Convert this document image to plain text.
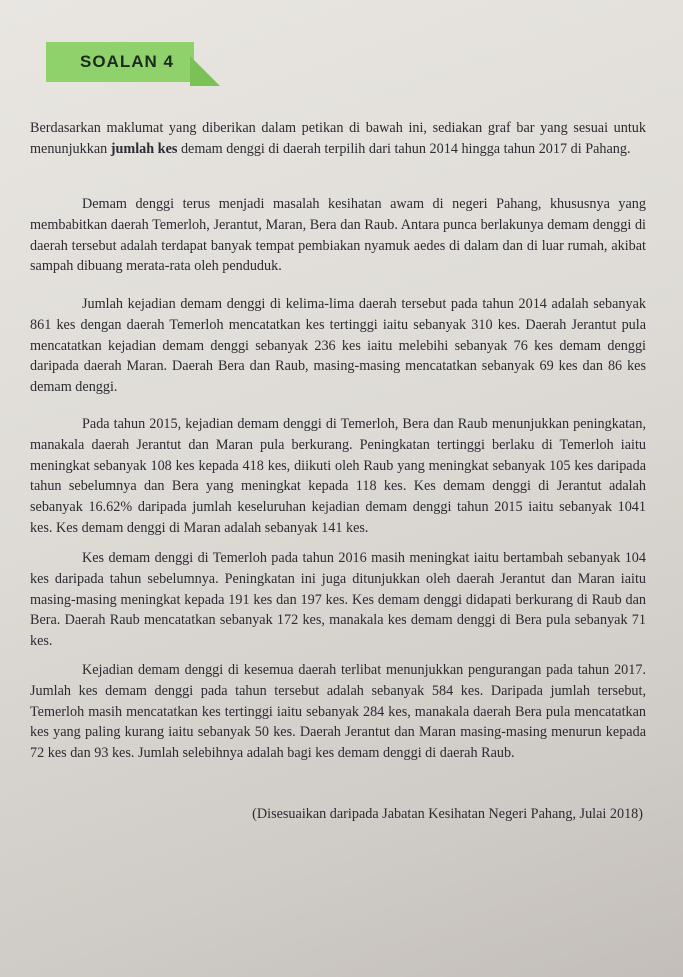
SOALAN 4

Berdasarkan maklumat yang diberikan dalam petikan di bawah ini, sediakan graf bar yang sesuai untuk menunjukkan jumlah kes demam denggi di daerah terpilih dari tahun 2014 hingga tahun 2017 di Pahang.

Demam denggi terus menjadi masalah kesihatan awam di negeri Pahang, khususnya yang membabitkan daerah Temerloh, Jerantut, Maran, Bera dan Raub. Antara punca berlakunya demam denggi di daerah tersebut adalah terdapat banyak tempat pembiakan nyamuk aedes di dalam dan di luar rumah, akibat sampah dibuang merata-rata oleh penduduk.

Jumlah kejadian demam denggi di kelima-lima daerah tersebut pada tahun 2014 adalah sebanyak 861 kes dengan daerah Temerloh mencatatkan kes tertinggi iaitu sebanyak 310 kes. Daerah Jerantut pula mencatatkan kejadian demam denggi sebanyak 236 kes iaitu melebihi sebanyak 76 kes demam denggi daripada daerah Maran. Daerah Bera dan Raub, masing-masing mencatatkan sebanyak 69 kes dan 86 kes demam denggi.

Pada tahun 2015, kejadian demam denggi di Temerloh, Bera dan Raub menunjukkan peningkatan, manakala daerah Jerantut dan Maran pula berkurang. Peningkatan tertinggi berlaku di Temerloh iaitu meningkat sebanyak 108 kes kepada 418 kes, diikuti oleh Raub yang meningkat sebanyak 105 kes daripada tahun sebelumnya dan Bera yang meningkat kepada 118 kes. Kes demam denggi di Jerantut adalah sebanyak 16.62% daripada jumlah keseluruhan kejadian demam denggi tahun 2015 iaitu sebanyak 1041 kes. Kes demam denggi di Maran adalah sebanyak 141 kes.

Kes demam denggi di Temerloh pada tahun 2016 masih meningkat iaitu bertambah sebanyak 104 kes daripada tahun sebelumnya. Peningkatan ini juga ditunjukkan oleh daerah Jerantut dan Maran iaitu masing-masing meningkat kepada 191 kes dan 197 kes. Kes demam denggi didapati berkurang di Raub dan Bera. Daerah Raub mencatatkan sebanyak 172 kes, manakala kes demam denggi di Bera pula sebanyak 71 kes.

Kejadian demam denggi di kesemua daerah terlibat menunjukkan pengurangan pada tahun 2017. Jumlah kes demam denggi pada tahun tersebut adalah sebanyak 584 kes. Daripada jumlah tersebut, Temerloh masih mencatatkan kes tertinggi iaitu sebanyak 284 kes, manakala daerah Bera pula mencatatkan kes yang paling kurang iaitu sebanyak 50 kes. Daerah Jerantut dan Maran masing-masing menurun kepada 72 kes dan 93 kes. Jumlah selebihnya adalah bagi kes demam denggi di daerah Raub.

(Disesuaikan daripada Jabatan Kesihatan Negeri Pahang, Julai 2018)
